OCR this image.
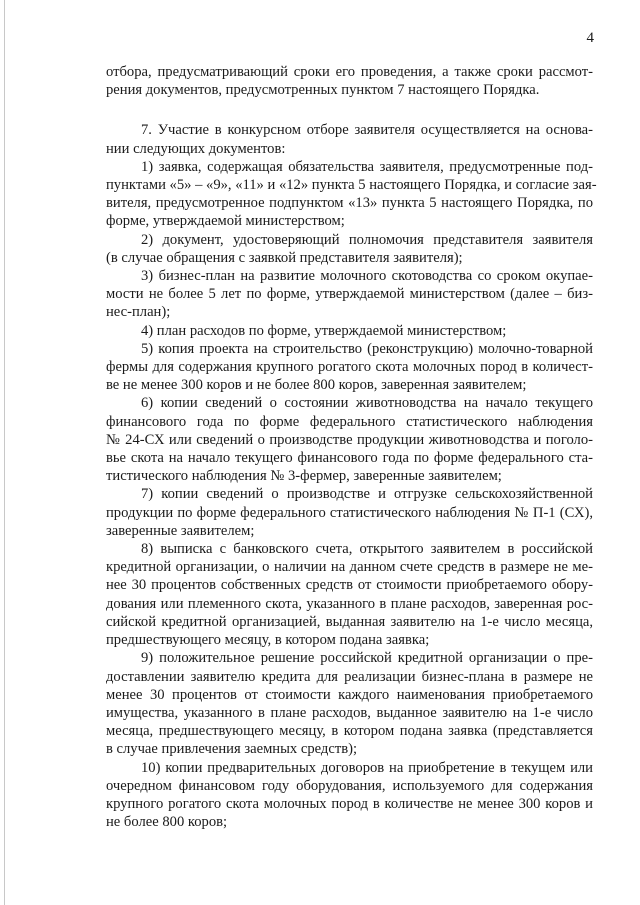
4
отбора, предусматривающий сроки его проведения, а также сроки рассмот-
рения документов, предусмотренных пунктом 7 настоящего Порядка.
7. Участие в конкурсном отборе заявителя осуществляется на основа-
нии следующих документов:
1) заявка, содержащая обязательства заявителя, предусмотренные под-
пунктами «5» – «9», «11» и «12» пункта 5 настоящего Порядка, и согласие зая-
вителя, предусмотренное подпунктом «13» пункта 5 настоящего Порядка, по
форме, утверждаемой министерством;
2) документ, удостоверяющий полномочия представителя заявителя
(в случае обращения с заявкой представителя заявителя);
3) бизнес-план на развитие молочного скотоводства со сроком окупае-
мости не более 5 лет по форме, утверждаемой министерством (далее – биз-
нес-план);
4) план расходов по форме, утверждаемой министерством;
5) копия проекта на строительство (реконструкцию) молочно-товарной
фермы для содержания крупного рогатого скота молочных пород в количест-
ве не менее 300 коров и не более 800 коров, заверенная заявителем;
6) копии сведений о состоянии животноводства на начало текущего
финансового года по форме федерального статистического наблюдения
№ 24-СХ или сведений о производстве продукции животноводства и поголо-
вье скота на начало текущего финансового года по форме федерального ста-
тистического наблюдения № 3-фермер, заверенные заявителем;
7) копии сведений о производстве и отгрузке сельскохозяйственной
продукции по форме федерального статистического наблюдения № П-1 (СХ),
заверенные заявителем;
8) выписка с банковского счета, открытого заявителем в российской
кредитной организации, о наличии на данном счете средств в размере не ме-
нее 30 процентов собственных средств от стоимости приобретаемого обору-
дования или племенного скота, указанного в плане расходов, заверенная рос-
сийской кредитной организацией, выданная заявителю на 1-е число месяца,
предшествующего месяцу, в котором подана заявка;
9) положительное решение российской кредитной организации о пре-
доставлении заявителю кредита для реализации бизнес-плана в размере не
менее 30 процентов от стоимости каждого наименования приобретаемого
имущества, указанного в плане расходов, выданное заявителю на 1-е число
месяца, предшествующего месяцу, в котором подана заявка (представляется
в случае привлечения заемных средств);
10) копии предварительных договоров на приобретение в текущем или
очередном финансовом году оборудования, используемого для содержания
крупного рогатого скота молочных пород в количестве не менее 300 коров и
не более 800 коров;
